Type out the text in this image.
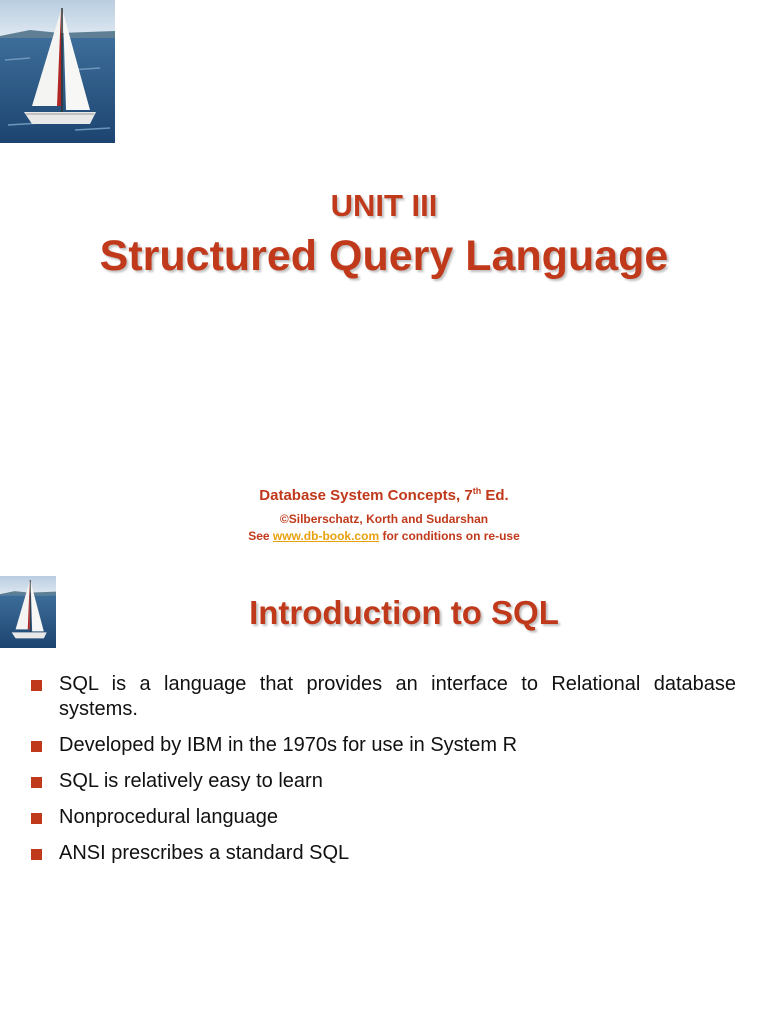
UNIT III
Structured Query Language
Database System Concepts, 7th Ed.
©Silberschatz, Korth and Sudarshan
See www.db-book.com for conditions on re-use
Introduction to SQL
SQL is a language that provides an interface to Relational database systems.
Developed by IBM in the 1970s for use in System R
SQL is relatively easy to learn
Nonprocedural language
ANSI prescribes a standard SQL
